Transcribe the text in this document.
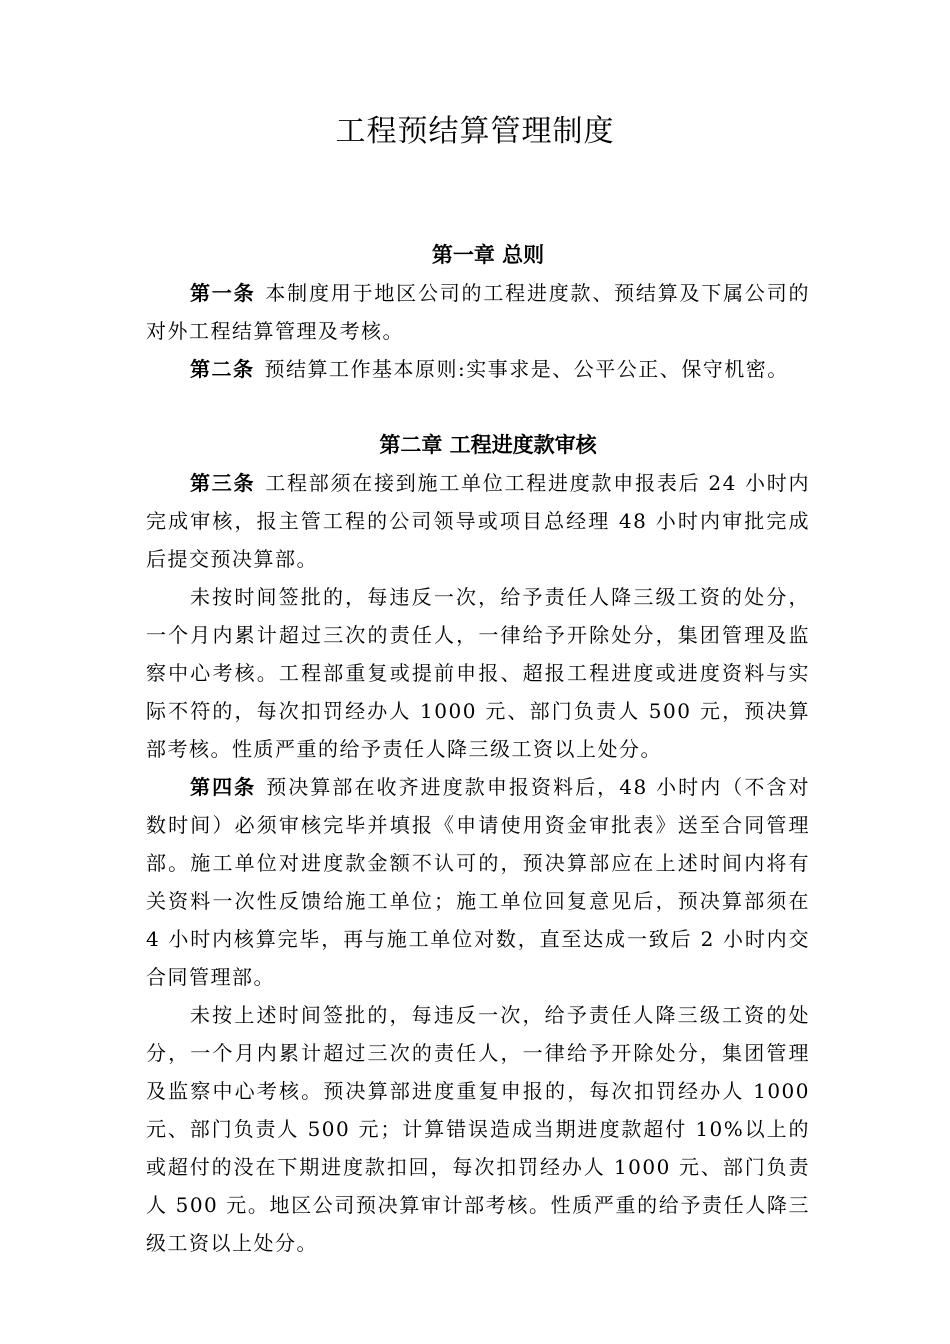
工程预结算管理制度
第一章 总则

第一条 本制度用于地区公司的工程进度款、预结算及下属公司的对外工程结算管理及考核。

第二条 预结算工作基本原则:实事求是、公平公正、保守机密。

第二章 工程进度款审核

第三条 工程部须在接到施工单位工程进度款申报表后 24 小时内完成审核，报主管工程的公司领导或项目总经理 48 小时内审批完成后提交预决算部。

未按时间签批的，每违反一次，给予责任人降三级工资的处分，一个月内累计超过三次的责任人，一律给予开除处分，集团管理及监察中心考核。工程部重复或提前申报、超报工程进度或进度资料与实际不符的，每次扣罚经办人 1000 元、部门负责人 500 元，预决算部考核。性质严重的给予责任人降三级工资以上处分。

第四条 预决算部在收齐进度款申报资料后，48 小时内（不含对数时间）必须审核完毕并填报《申请使用资金审批表》送至合同管理部。施工单位对进度款金额不认可的，预决算部应在上述时间内将有关资料一次性反馈给施工单位；施工单位回复意见后，预决算部须在 4 小时内核算完毕，再与施工单位对数，直至达成一致后 2 小时内交合同管理部。

未按上述时间签批的，每违反一次，给予责任人降三级工资的处分，一个月内累计超过三次的责任人，一律给予开除处分，集团管理及监察中心考核。预决算部进度重复申报的，每次扣罚经办人 1000 元、部门负责人 500 元；计算错误造成当期进度款超付 10%以上的或超付的没在下期进度款扣回，每次扣罚经办人 1000 元、部门负责人 500 元。地区公司预决算审计部考核。性质严重的给予责任人降三级工资以上处分。
